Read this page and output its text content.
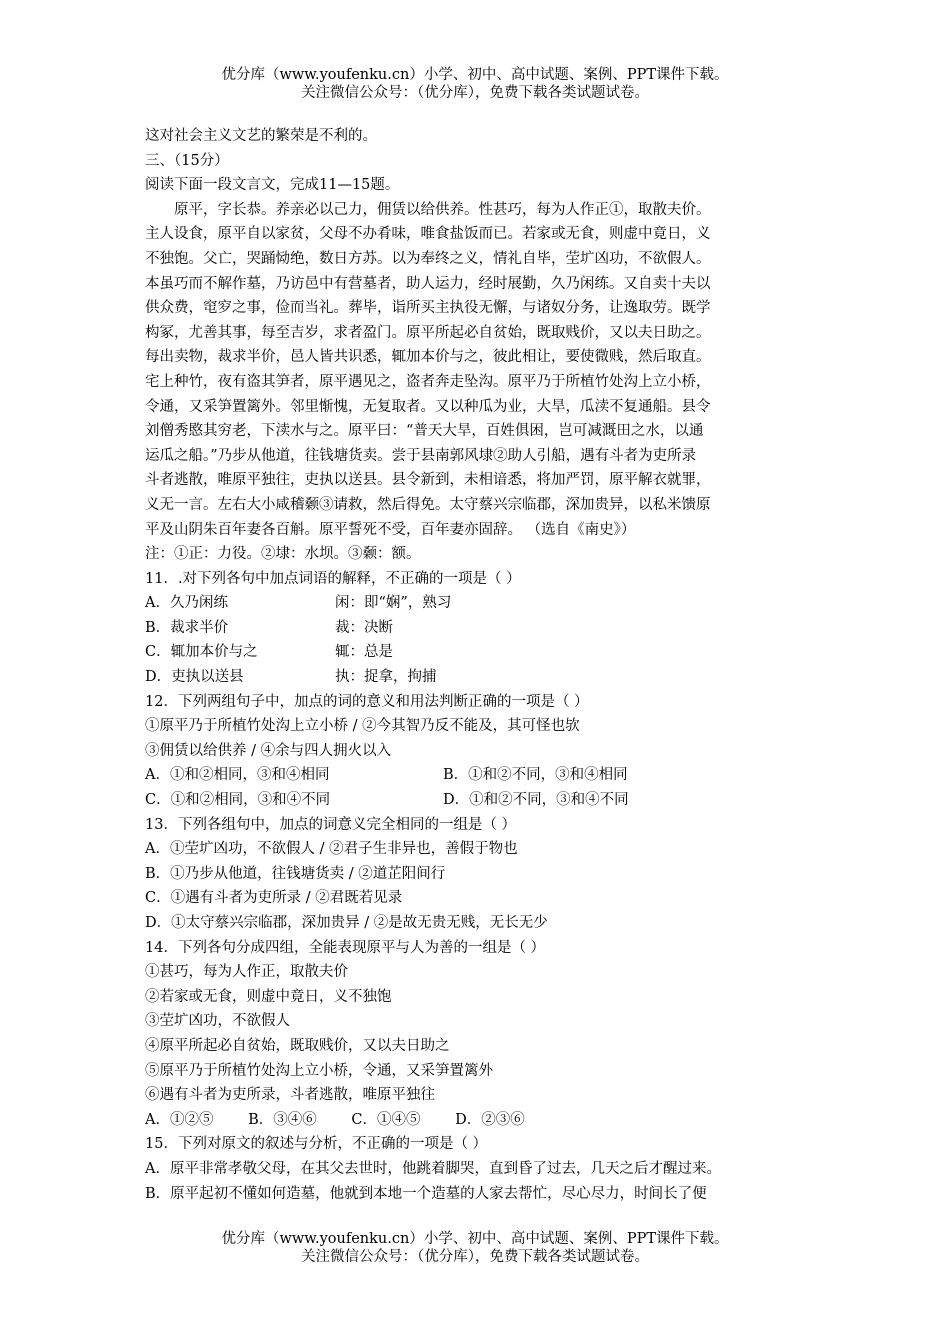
优分库（www.youfenku.cn）小学、初中、高中试题、案例、PPT课件下载。
关注微信公众号：（优分库），免费下载各类试题试卷。
这对社会主义文艺的繁荣是不利的。
三、（15分）
阅读下面一段文言文，完成11—15题。
原平，字长恭。养亲必以己力，佣赁以给供养。性甚巧，每为人作正①，取散夫价。
主人设食，原平自以家贫，父母不办肴味，唯食盐饭而已。若家或无食，则虚中竟日，义
不独饱。父亡，哭踊恸绝，数日方苏。以为奉终之义，情礼自毕，茔圹凶功，不欲假人。
本虽巧而不解作墓，乃访邑中有营墓者，助人运力，经时展勤，久乃闲练。又自卖十夫以
供众费，窀穸之事，俭而当礼。葬毕，诣所买主执役无懈，与诸奴分务，让逸取劳。既学
构冢，尤善其事，每至吉岁，求者盈门。原平所起必自贫始，既取贱价，又以夫日助之。
每出卖物，裁求半价，邑人皆共识悉，辄加本价与之，彼此相让，要使微贱，然后取直。
宅上种竹，夜有盗其笋者，原平遇见之，盗者奔走坠沟。原平乃于所植竹处沟上立小桥，
令通，又采笋置篱外。邻里惭愧，无复取者。又以种瓜为业，大旱，瓜渎不复通船。县令
刘僧秀愍其穷老，下渎水与之。原平曰：“普天大旱，百姓俱困，岂可减溉田之水，以通
运瓜之船。”乃步从他道，往钱塘货卖。尝于县南郭风埭②助人引船，遇有斗者为吏所录
斗者逃散，唯原平独往，吏执以送县。县令新到，未相谙悉，将加严罚，原平解衣就罪，
义无一言。左右大小咸稽颡③请救，然后得免。太守蔡兴宗临郡，深加贵异，以私米馈原
平及山阴朱百年妻各百斛。原平誓死不受，百年妻亦固辞。 （选自《南史》）
注：①正：力役。②埭：水坝。③颡：额。
11．.对下列各句中加点词语的解释，不正确的一项是（ ）
A．久乃闲练	闲：即“娴”，熟习
B．裁求半价	裁：决断
C．辄加本价与之	辄：总是
D．吏执以送县	执：捉拿，拘捕
12．下列两组句子中，加点的词的意义和用法判断正确的一项是（ ）
①原平乃于所植竹处沟上立小桥 / ②今其智乃反不能及，其可怪也欤
③佣赁以给供养 / ④余与四人拥火以入
A．①和②相同，③和④相同	B．①和②不同，③和④相同
C．①和②相同，③和④不同	D．①和②不同，③和④不同
13．下列各组句中，加点的词意义完全相同的一组是（ ）
A．①茔圹凶功，不欲假人 / ②君子生非异也，善假于物也
B．①乃步从他道，往钱塘货卖 / ②道芷阳间行
C．①遇有斗者为吏所录 / ②君既若见录
D．①太守蔡兴宗临郡，深加贵异 / ②是故无贵无贱，无长无少
14．下列各句分成四组，全能表现原平与人为善的一组是（ ）
①甚巧，每为人作正，取散夫价
②若家或无食，则虚中竟日，义不独饱
③茔圹凶功，不欲假人
④原平所起必自贫始，既取贱价，又以夫日助之
⑤原平乃于所植竹处沟上立小桥，令通，又采笋置篱外
⑥遇有斗者为吏所录，斗者逃散，唯原平独往
A．①②⑤ B．③④⑥ C．①④⑤ D．②③⑥
15．下列对原文的叙述与分析，不正确的一项是（ ）
A．原平非常孝敬父母，在其父去世时，他跳着脚哭，直到昏了过去，几天之后才醒过来。
B．原平起初不懂如何造墓，他就到本地一个造墓的人家去帮忙，尽心尽力，时间长了便
优分库（www.youfenku.cn）小学、初中、高中试题、案例、PPT课件下载。
关注微信公众号：（优分库），免费下载各类试题试卷。
